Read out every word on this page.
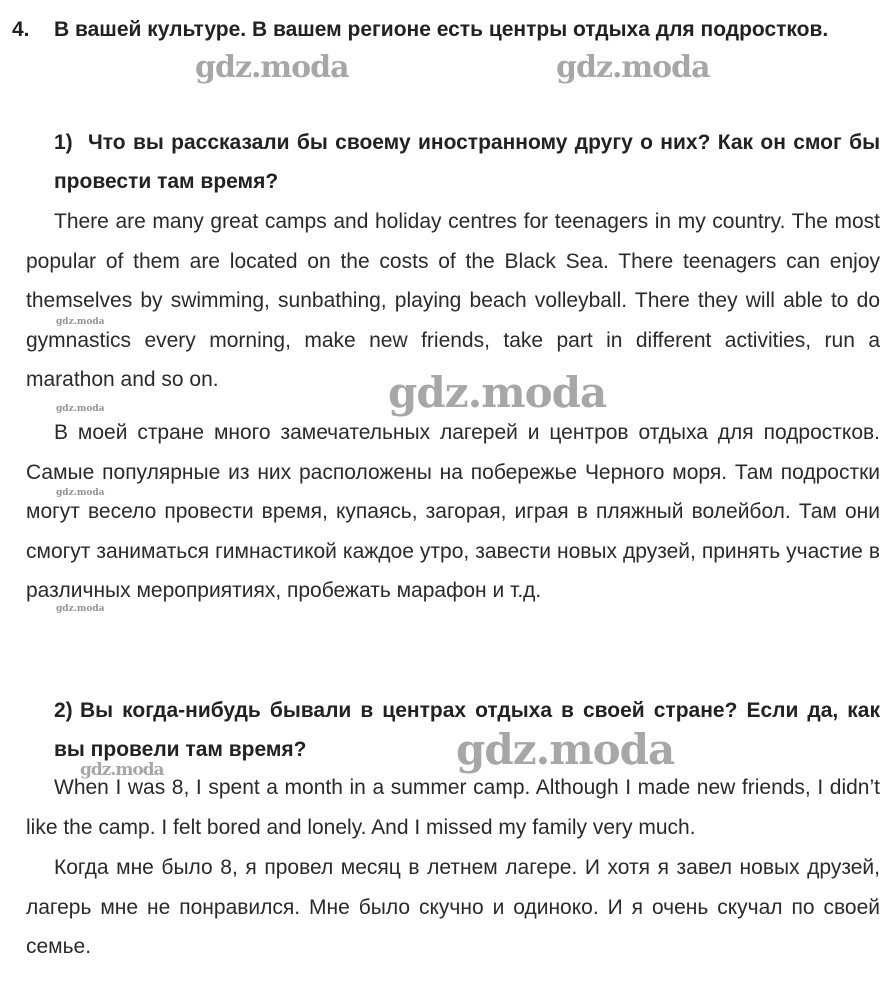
4. В вашей культуре. В вашем регионе есть центры отдыха для подростков.
1) Что вы рассказали бы своему иностранному другу о них? Как он смог бы провести там время?
There are many great camps and holiday centres for teenagers in my country. The most popular of them are located on the costs of the Black Sea. There teenagers can enjoy themselves by swimming, sunbathing, playing beach volleyball. There they will able to do gymnastics every morning, make new friends, take part in different activities, run a marathon and so on.
В моей стране много замечательных лагерей и центров отдыха для подростков. Самые популярные из них расположены на побережье Черного моря. Там подростки могут весело провести время, купаясь, загорая, играя в пляжный волейбол. Там они смогут заниматься гимнастикой каждое утро, завести новых друзей, принять участие в различных мероприятиях, пробежать марафон и т.д.
2) Вы когда-нибудь бывали в центрах отдыха в своей стране? Если да, как вы провели там время?
When I was 8, I spent a month in a summer camp. Although I made new friends, I didn’t like the camp. I felt bored and lonely. And I missed my family very much.
Когда мне было 8, я провел месяц в летнем лагере. И хотя я завел новых друзей, лагерь мне не понравился. Мне было скучно и одиноко. И я очень скучал по своей семье.
gdz.moda	gdz.moda
gdz.moda
gdz.moda
gdz.moda
gdz.moda
gdz.moda
gdz.moda
gdz.moda
